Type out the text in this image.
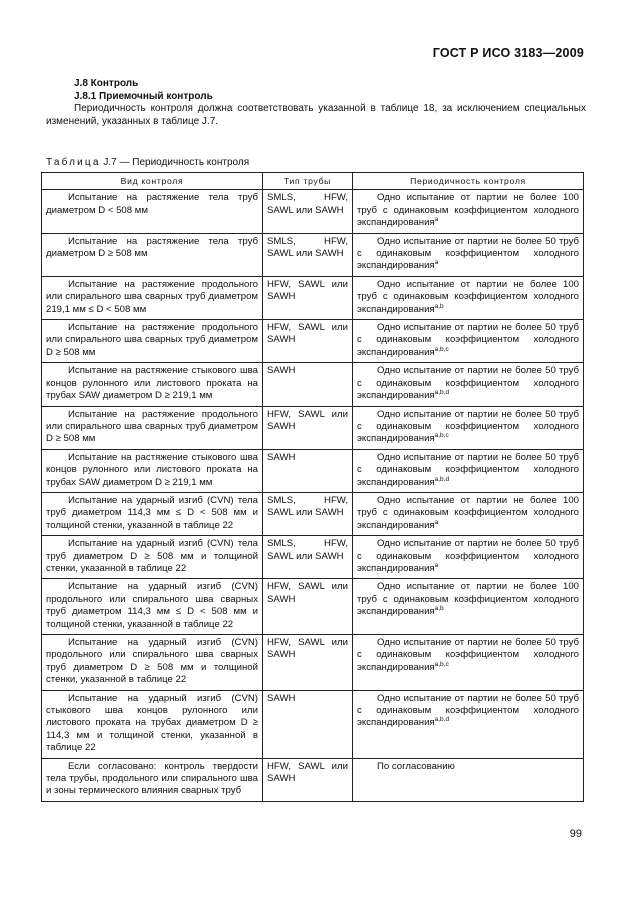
ГОСТ Р ИСО 3183—2009
J.8 Контроль
J.8.1 Приемочный контроль
Периодичность контроля должна соответствовать указанной в таблице 18, за исключением специальных изменений, указанных в таблице J.7.
Таблица J.7 — Периодичность контроля
Вид контроля	Тип трубы	Периодичность контроля
Испытание на растяжение тела труб диаметром D < 508 мм	SMLS, HFW, SAWL или SAWH	Одно испытание от партии не более 100 труб с одинаковым коэффициентом холодного экспандирования$^a$
Испытание на растяжение тела труб диаметром D ≥ 508 мм	SMLS, HFW, SAWL или SAWH	Одно испытание от партии не более 50 труб с одинаковым коэффициентом холодного экспандирования$^a$
Испытание на растяжение продольного или спирального шва сварных труб диаметром 219,1 мм ≤ D < 508 мм	HFW, SAWL или SAWH	Одно испытание от партии не более 100 труб с одинаковым коэффициентом холодного экспандирования$^{a,b}$
Испытание на растяжение продольного или спирального шва сварных труб диаметром D ≥ 508 мм	HFW, SAWL или SAWH	Одно испытание от партии не более 50 труб с одинаковым коэффициентом холодного экспандирования$^{a,b,c}$
Испытание на растяжение стыкового шва концов рулонного или листового проката на трубах SAW диаметром D ≥ 219,1 мм	SAWH	Одно испытание от партии не более 50 труб с одинаковым коэффициентом холодного экспандирования$^{a,b,d}$
Испытание на растяжение продольного или спирального шва сварных труб диаметром D ≥ 508 мм	HFW, SAWL или SAWH	Одно испытание от партии не более 50 труб с одинаковым коэффициентом холодного экспандирования$^{a,b,c}$
Испытание на растяжение стыкового шва концов рулонного или листового проката на трубах SAW диаметром D ≥ 219,1 мм	SAWH	Одно испытание от партии не более 50 труб с одинаковым коэффициентом холодного экспандирования$^{a,b,d}$
Испытание на ударный изгиб (CVN) тела труб диаметром 114,3 мм ≤ D < 508 мм и толщиной стенки, указанной в таблице 22	SMLS, HFW, SAWL или SAWH	Одно испытание от партии не более 100 труб с одинаковым коэффициентом холодного экспандирования$^a$
Испытание на ударный изгиб (CVN) тела труб диаметром D ≥ 508 мм и толщиной стенки, указанной в таблице 22	SMLS, HFW, SAWL или SAWH	Одно испытание от партии не более 50 труб с одинаковым коэффициентом холодного экспандирования$^a$
Испытание на ударный изгиб (CVN) продольного или спирального шва сварных труб диаметром 114,3 мм ≤ D < 508 мм и толщиной стенки, указанной в таблице 22	HFW, SAWL или SAWH	Одно испытание от партии не более 100 труб с одинаковым коэффициентом холодного экспандирования$^{a,b}$
Испытание на ударный изгиб (CVN) продольного или спирального шва сварных труб диаметром D ≥ 508 мм и толщиной стенки, указанной в таблице 22	HFW, SAWL или SAWH	Одно испытание от партии не более 50 труб с одинаковым коэффициентом холодного экспандирования$^{a,b,c}$
Испытание на ударный изгиб (CVN) стыкового шва концов рулонного или листового проката на трубах диаметром D ≥ 114,3 мм и толщиной стенки, указанной в таблице 22	SAWH	Одно испытание от партии не более 50 труб с одинаковым коэффициентом холодного экспандирования$^{a,b,d}$
Если согласовано: контроль твердости тела трубы, продольного или спирального шва и зоны термического влияния сварных труб	HFW, SAWL или SAWH	По согласованию
99
